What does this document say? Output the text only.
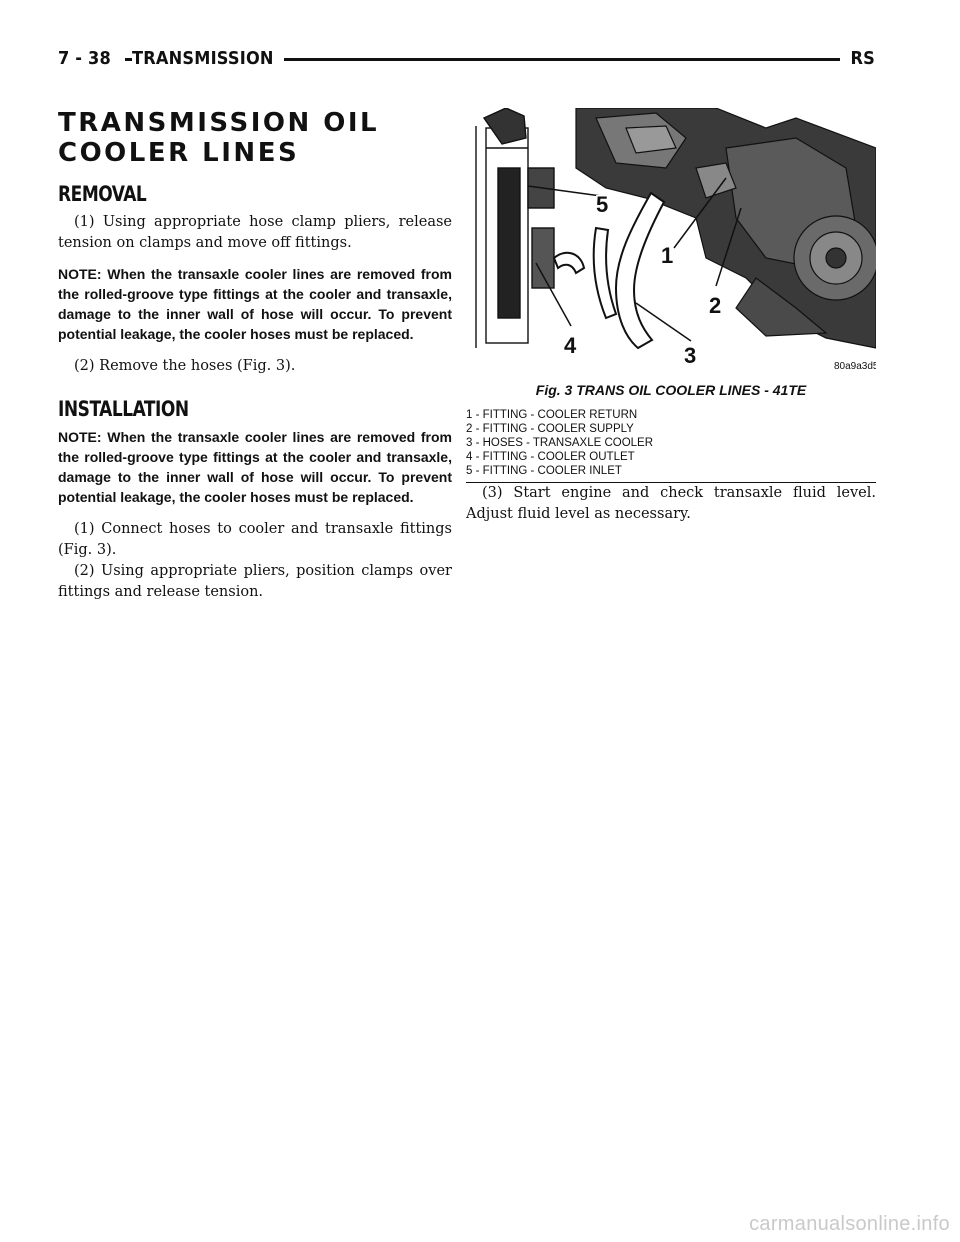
7 - 38	TRANSMISSION	RS
TRANSMISSION OIL COOLER LINES
REMOVAL

(1) Using appropriate hose clamp pliers, release tension on clamps and move off fittings.

NOTE: When the transaxle cooler lines are removed from the rolled-groove type fittings at the cooler and transaxle, damage to the inner wall of hose will occur. To prevent potential leakage, the cooler hoses must be replaced.

(2) Remove the hoses (Fig. 3).

INSTALLATION

NOTE: When the transaxle cooler lines are removed from the rolled-groove type fittings at the cooler and transaxle, damage to the inner wall of hose will occur. To prevent potential leakage, the cooler hoses must be replaced.

(1) Connect hoses to cooler and transaxle fittings (Fig. 3).

(2) Using appropriate pliers, position clamps over fittings and release tension.

1
2
3
4
5
80a9a3d5
Fig. 3 TRANS OIL COOLER LINES - 41TE
1 - FITTING - COOLER RETURN
2 - FITTING - COOLER SUPPLY
3 - HOSES - TRANSAXLE COOLER
4 - FITTING - COOLER OUTLET
5 - FITTING - COOLER INLET

(3) Start engine and check transaxle fluid level. Adjust fluid level as necessary.

carmanualsonline.info
